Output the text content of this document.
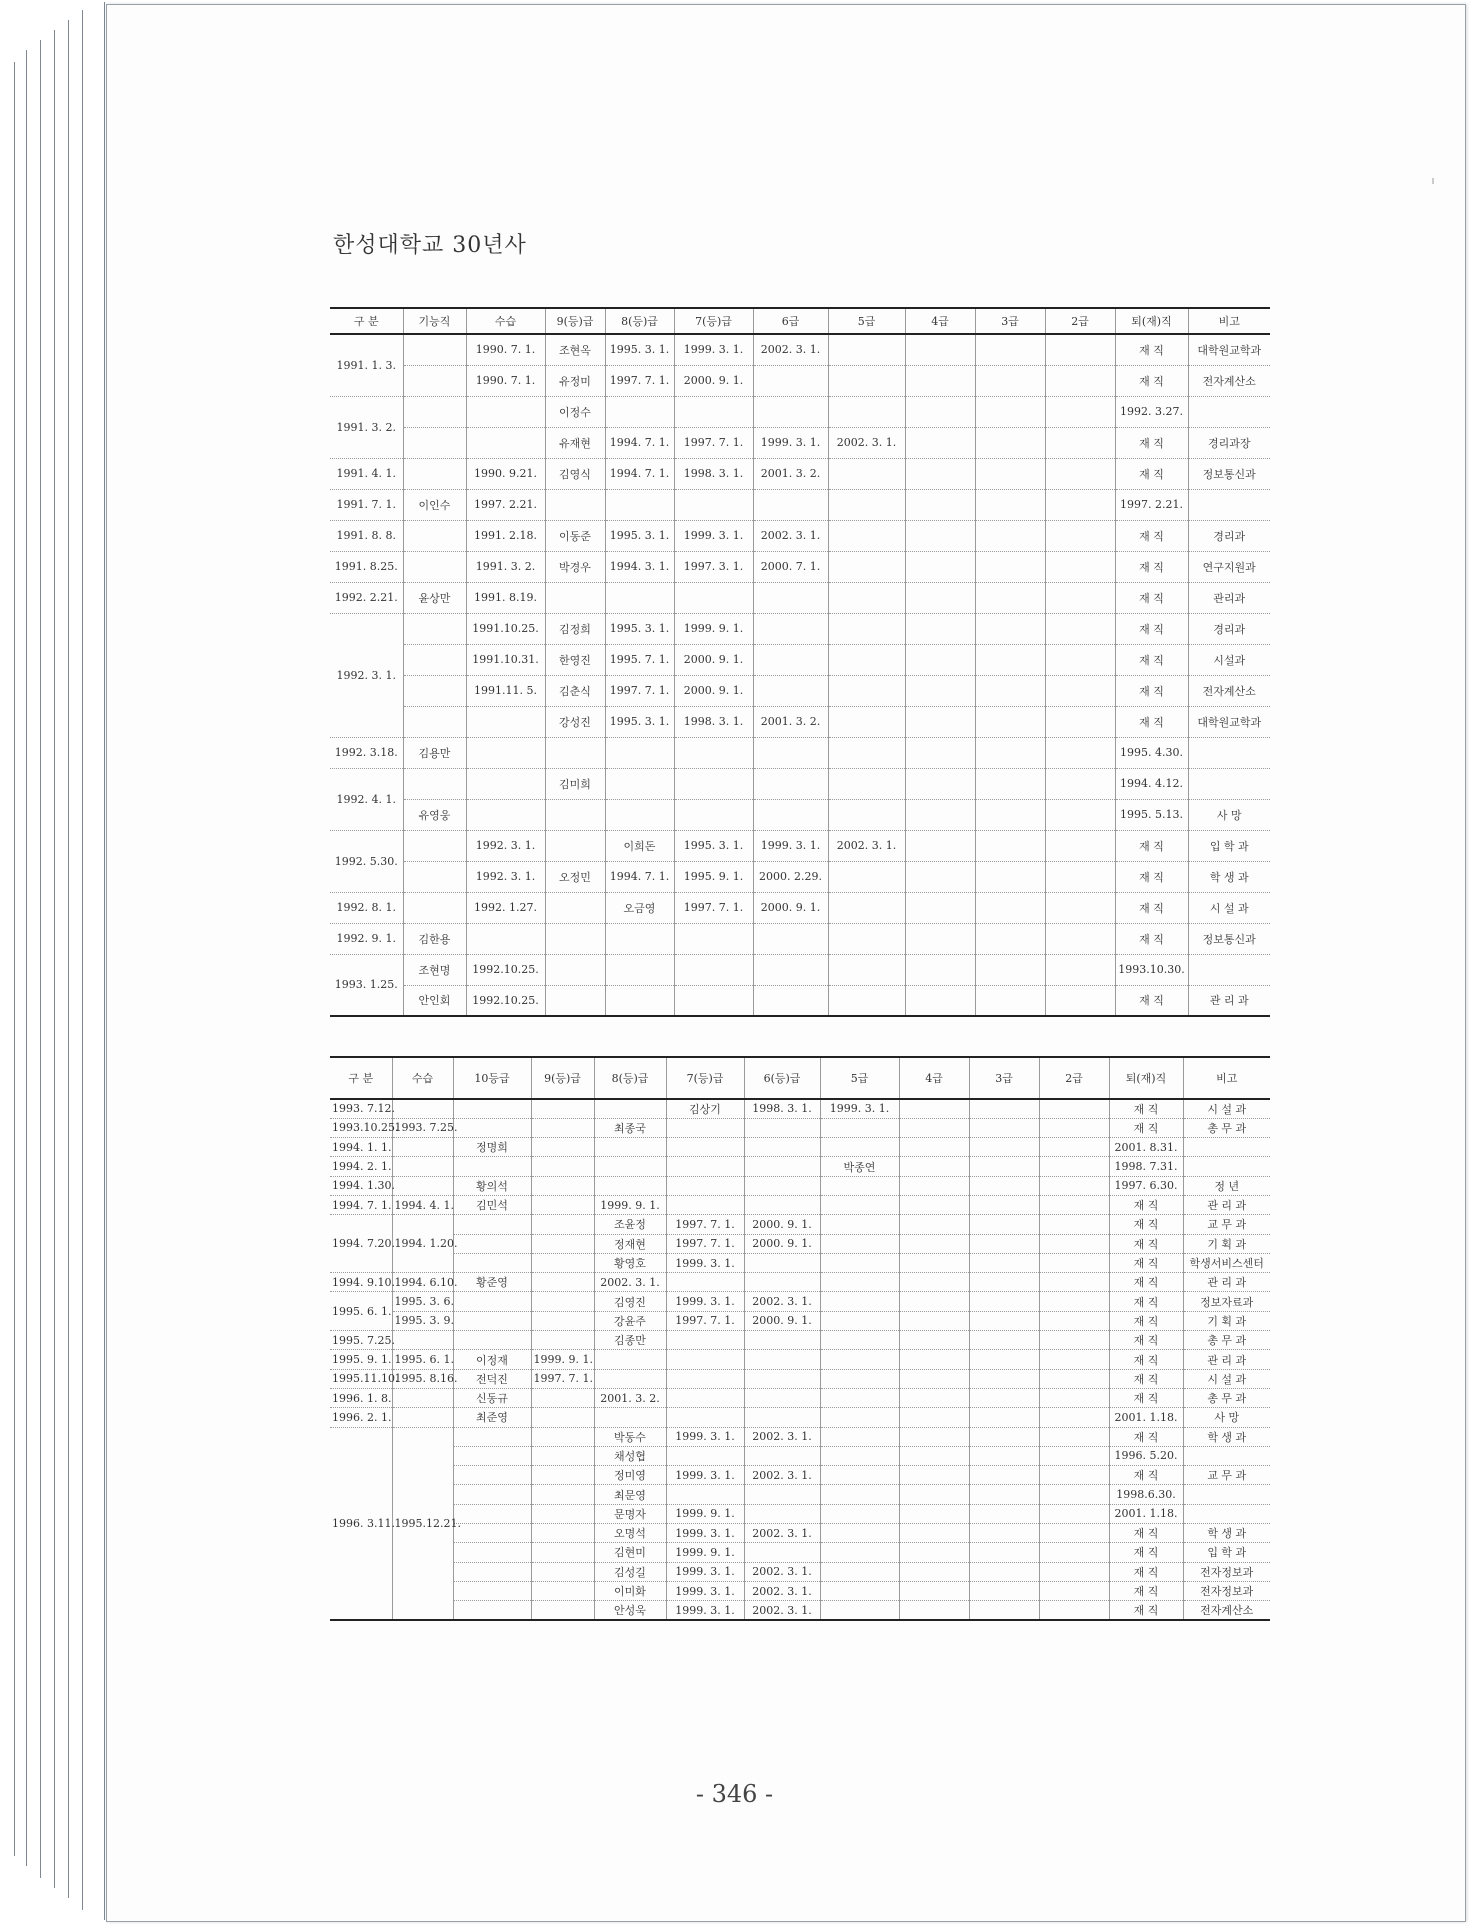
한성대학교 30년사
구 분	기능직	수습	9(등)급	8(등)급	7(등)급	6급	5급	4급	3급	2급	퇴(재)직	비고
1991. 1. 3.		1990. 7. 1.	조현옥	1995. 3. 1.	1999. 3. 1.	2002. 3. 1.					재 직	대학원교학과
		1990. 7. 1.	유정미	1997. 7. 1.	2000. 9. 1.						재 직	전자계산소
1991. 3. 2.			이정수								1992. 3.27.	
			유재현	1994. 7. 1.	1997. 7. 1.	1999. 3. 1.	2002. 3. 1.				재 직	경리과장
1991. 4. 1.		1990. 9.21.	김영식	1994. 7. 1.	1998. 3. 1.	2001. 3. 2.					재 직	정보통신과
1991. 7. 1.	이인수	1997. 2.21.									1997. 2.21.	
1991. 8. 8.		1991. 2.18.	이동준	1995. 3. 1.	1999. 3. 1.	2002. 3. 1.					재 직	경리과
1991. 8.25.		1991. 3. 2.	박경우	1994. 3. 1.	1997. 3. 1.	2000. 7. 1.					재 직	연구지원과
1992. 2.21.	윤상만	1991. 8.19.									재 직	관리과
1992. 3. 1.		1991.10.25.	김정희	1995. 3. 1.	1999. 9. 1.						재 직	경리과
		1991.10.31.	한영진	1995. 7. 1.	2000. 9. 1.						재 직	시설과
		1991.11. 5.	김춘식	1997. 7. 1.	2000. 9. 1.						재 직	전자계산소
			강성진	1995. 3. 1.	1998. 3. 1.	2001. 3. 2.					재 직	대학원교학과
1992. 3.18.	김용만										1995. 4.30.	
1992. 4. 1.			김미희								1994. 4.12.	
	유영웅										1995. 5.13.	사 망
1992. 5.30.		1992. 3. 1.		이희돈	1995. 3. 1.	1999. 3. 1.	2002. 3. 1.				재 직	입 학 과
		1992. 3. 1.	오정민	1994. 7. 1.	1995. 9. 1.	2000. 2.29.					재 직	학 생 과
1992. 8. 1.		1992. 1.27.		오금영	1997. 7. 1.	2000. 9. 1.					재 직	시 설 과
1992. 9. 1.	김한용										재 직	정보통신과
1993. 1.25.	조현명	1992.10.25.									1993.10.30.	
	안인회	1992.10.25.									재 직	관 리 과
구 분	수습	10등급	9(등)급	8(등)급	7(등)급	6(등)급	5급	4급	3급	2급	퇴(재)직	비고
1993. 7.12.					김상기	1998. 3. 1.	1999. 3. 1.				재 직	시 설 과
1993.10.25.	1993. 7.25.			최종국							재 직	총 무 과
1994. 1. 1.		정명희									2001. 8.31.	
1994. 2. 1.							박종연				1998. 7.31.	
1994. 1.30.		황의석									1997. 6.30.	정 년
1994. 7. 1.	1994. 4. 1.	김민석		1999. 9. 1.							재 직	관 리 과
1994. 7.20.	1994. 1.20.			조윤정	1997. 7. 1.	2000. 9. 1.					재 직	교 무 과
				정재현	1997. 7. 1.	2000. 9. 1.					재 직	기 획 과
				황영호	1999. 3. 1.						재 직	학생서비스센터
1994. 9.10.	1994. 6.10.	황준영		2002. 3. 1.							재 직	관 리 과
1995. 6. 1.	1995. 3. 6.			김영진	1999. 3. 1.	2002. 3. 1.					재 직	정보자료과
	1995. 3. 9.			강윤주	1997. 7. 1.	2000. 9. 1.					재 직	기 획 과
1995. 7.25.				김종만							재 직	총 무 과
1995. 9. 1.	1995. 6. 1.	이정재	1999. 9. 1.								재 직	관 리 과
1995.11.10.	1995. 8.16.	전덕진	1997. 7. 1.								재 직	시 설 과
1996. 1. 8.		신동규		2001. 3. 2.							재 직	총 무 과
1996. 2. 1.		최준영									2001. 1.18.	사 망
1996. 3.11.	1995.12.21.			박동수	1999. 3. 1.	2002. 3. 1.					재 직	학 생 과
				채성협							1996. 5.20.	
				정미영	1999. 3. 1.	2002. 3. 1.					재 직	교 무 과
				최문영							1998.6.30.	
				문명자	1999. 9. 1.						2001. 1.18.	
				오명석	1999. 3. 1.	2002. 3. 1.					재 직	학 생 과
				김현미	1999. 9. 1.						재 직	입 학 과
				김성길	1999. 3. 1.	2002. 3. 1.					재 직	전자정보과
				이미화	1999. 3. 1.	2002. 3. 1.					재 직	전자정보과
				안성욱	1999. 3. 1.	2002. 3. 1.					재 직	전자계산소
- 346 -
